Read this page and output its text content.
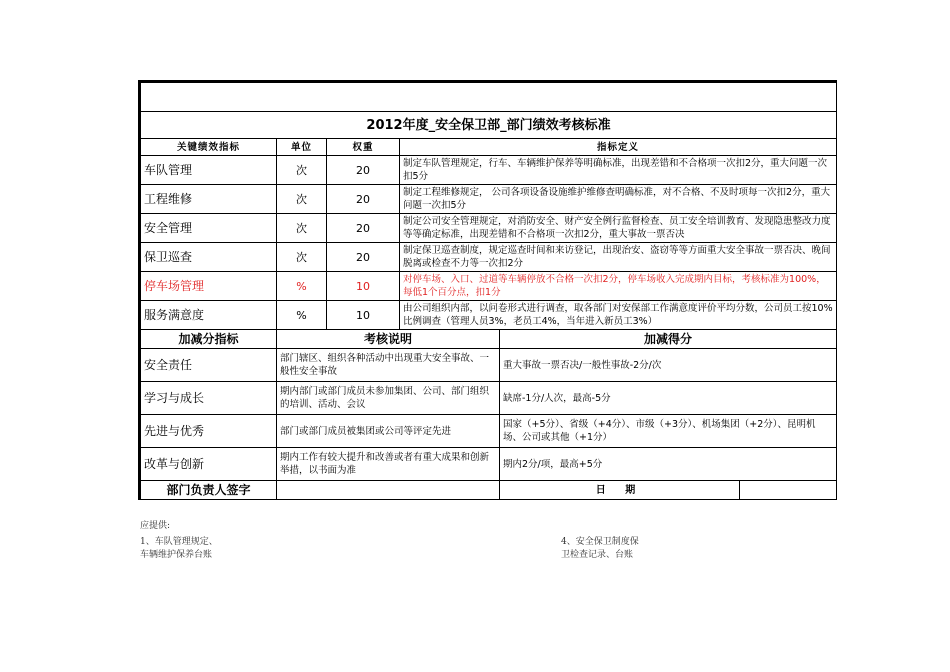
2012年度_安全保卫部_部门绩效考核标准					
关键绩效指标	单位	权重	指标定义		
车队管理	次	20	制定车队管理规定，行车、车辆维护保养等明确标准，出现差错和不合格项一次扣2分，重大问题一次扣5分		
工程维修	次	20	制定工程维修规定， 公司各项设备设施维护维修查明确标准，对不合格、不及时项每一次扣2分，重大问题一次扣5分		
安全管理	次	20	制定公司安全管理规定，对消防安全、财产安全例行监督检查、员工安全培训教育、发现隐患整改力度等等确定标准，出现差错和不合格项一次扣2分，重大事故一票否决		
保卫巡查	次	20	制定保卫巡查制度，规定巡查时间和来访登记，出现治安、盗窃等等方面重大安全事故一票否决、晚间脱离或检查不力等一次扣2分		
停车场管理	%	10	对停车场、入口、过道等车辆停放不合格一次扣2分，停车场收入完成期内目标，考核标准为100%，每低1个百分点，扣1分		
服务满意度	%	10	由公司组织内部，以问卷形式进行调查，取各部门对安保部工作满意度评价平均分数，公司员工按10%比例调查（管理人员3%，老员工4%，当年进入新员工3%）		
加减分指标	考核说明			加减得分	
安全责任	部门辖区、组织各种活动中出现重大安全事故、一般性安全事故			重大事故一票否决/一般性事故-2分/次	
学习与成长	期内部门或部门成员未参加集团、公司、部门组织的培训、活动、会议			缺席-1分/人次，最高-5分	
先进与优秀	部门或部门成员被集团或公司等评定先进			国家（+5分）、省级（+4分）、市级（+3分）、机场集团（+2分）、昆明机场、公司或其他（+1分）	
改革与创新	期内工作有较大提升和改善或者有重大成果和创新举措，以书面为准			期内2分/项，最高+5分	
部门负责人签字				日 期	
应提供:
1、车队管理规定、
车辆维护保养台账
4、安全保卫制度保
卫检查记录、台账
